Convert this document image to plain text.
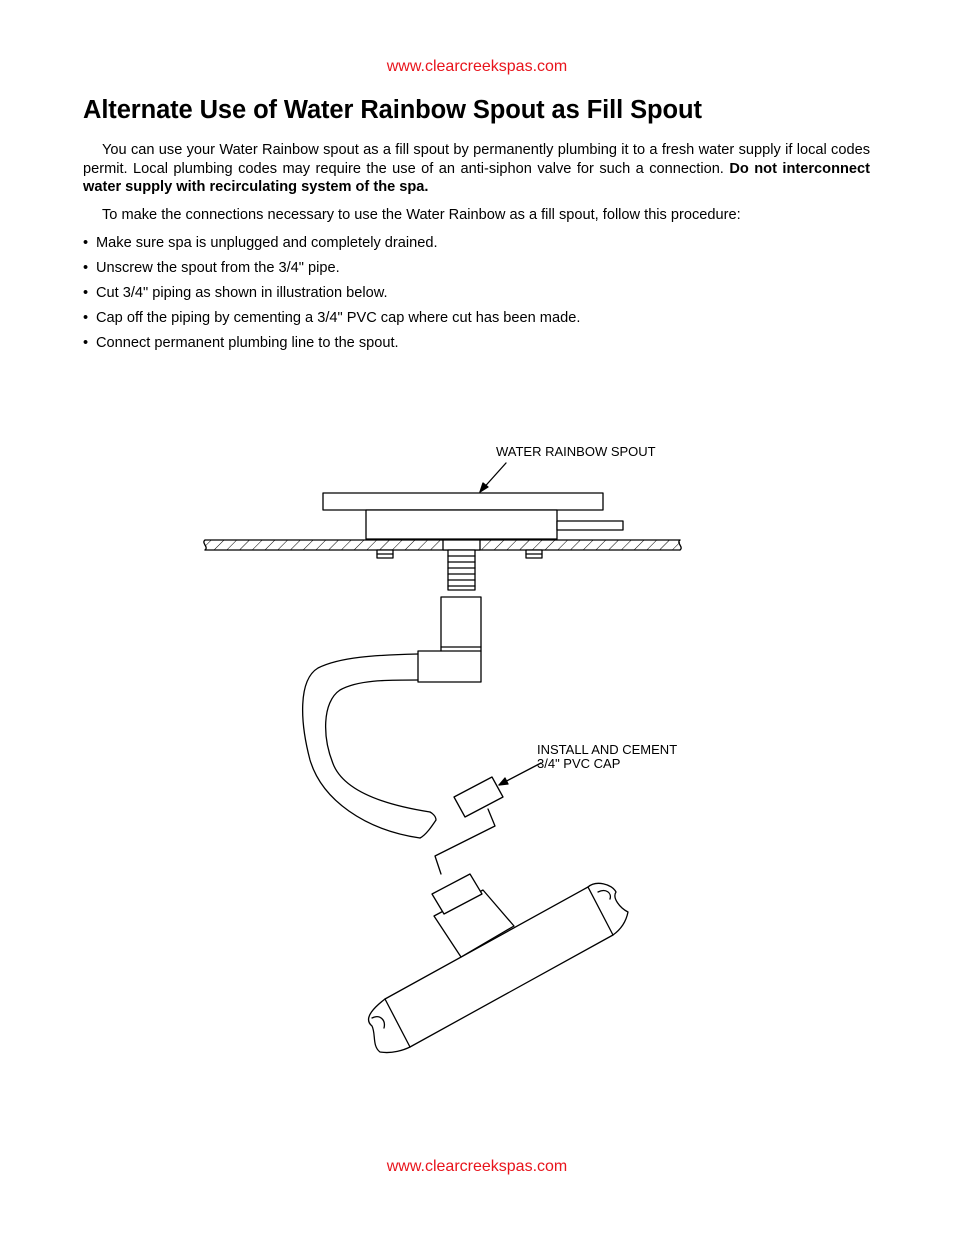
www.clearcreekspas.com
Alternate Use of Water Rainbow Spout as Fill Spout

You can use your Water Rainbow spout as a fill spout by permanently plumbing it to a fresh water supply if local codes permit. Local plumbing codes may require the use of an anti-siphon valve for such a connection. Do not interconnect water supply with recirculating system of the spa.

To make the connections necessary to use the Water Rainbow as a fill spout, follow this procedure:

• Make sure spa is unplugged and completely drained.
• Unscrew the spout from the 3/4" pipe.
• Cut 3/4" piping as shown in illustration below.
• Cap off the piping by cementing a 3/4" PVC cap where cut has been made.
• Connect permanent plumbing line to the spout.
WATER RAINBOW SPOUT
INSTALL AND CEMENT
3/4" PVC CAP
www.clearcreekspas.com
